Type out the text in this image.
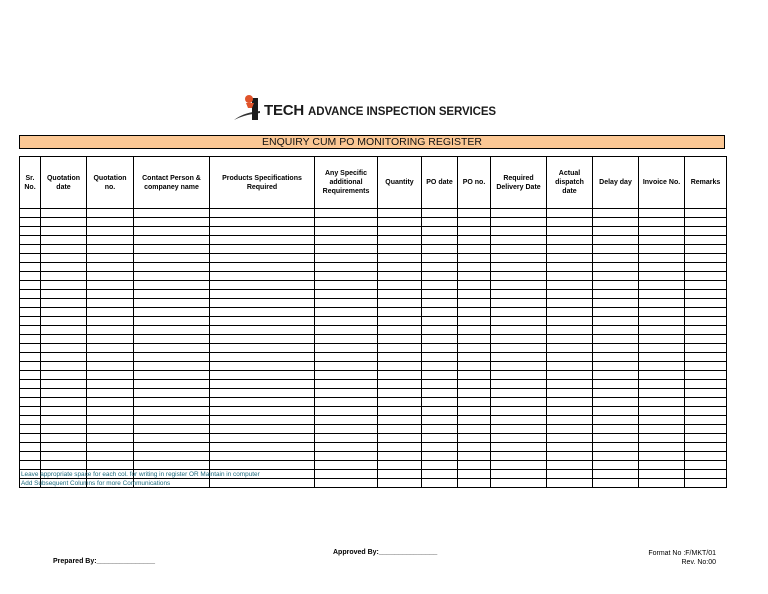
TECH ADVANCE INSPECTION SERVICES
ENQUIRY CUM PO MONITORING REGISTER
Sr. No.	Quotation date	Quotation no.	Contact Person & companey name	Products Specifications Required	Any Specific additional Requirements	Quantity	PO date	PO no.	Required Delivery Date	Actual dispatch date	Delay day	Invoice No.	Remarks

Leave appropriate space for each col. for writing in register OR Maintain in computer
Add Subsequent Columns for more Communications
Approved By:_______________
Prepared By:_______________
Format No :F/MKT/01
Rev. No:00
